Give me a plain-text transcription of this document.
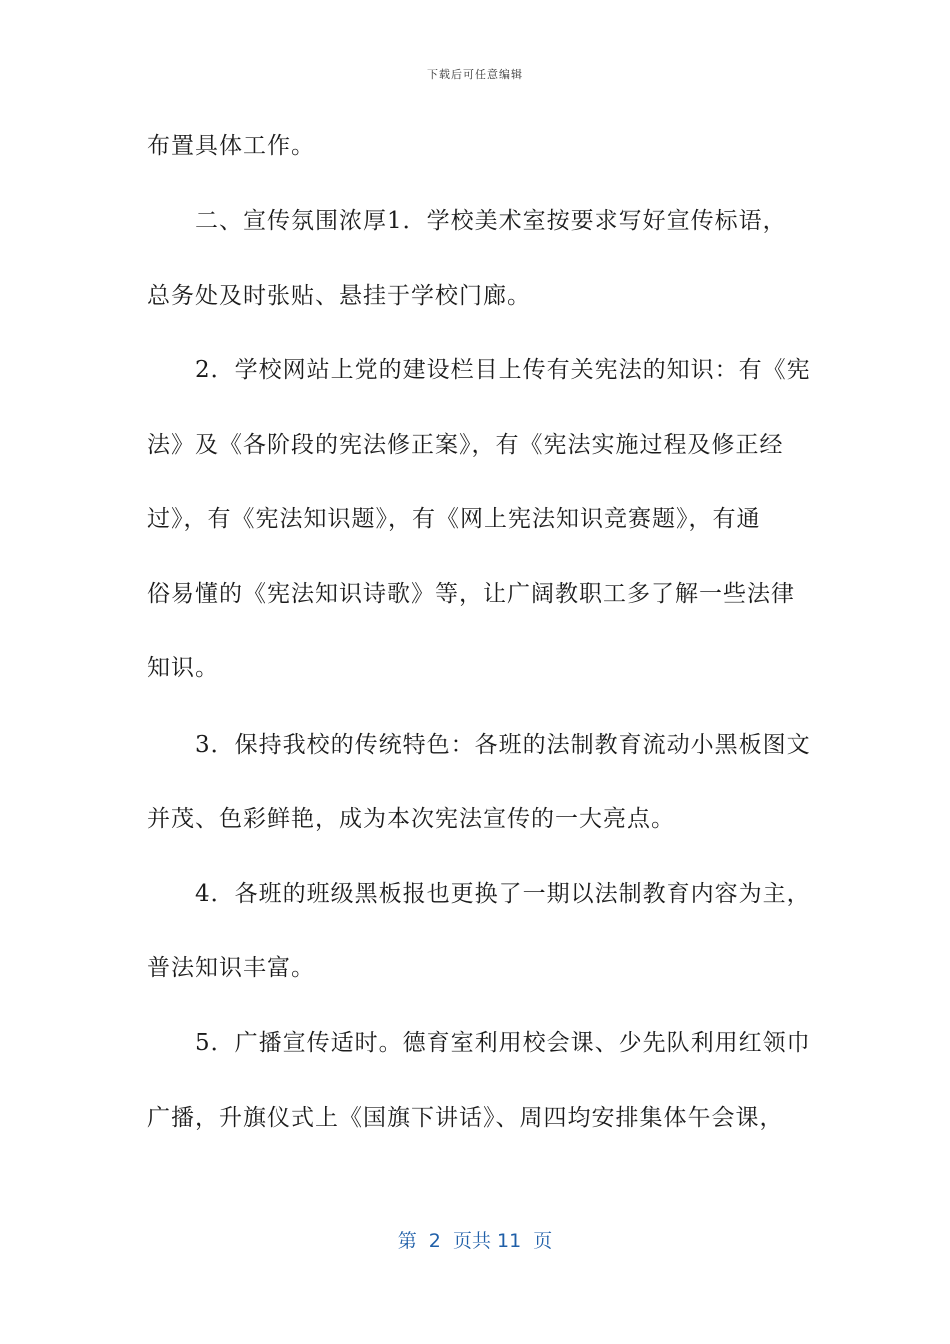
下载后可任意编辑
布置具体工作。
二、宣传氛围浓厚1．学校美术室按要求写好宣传标语，
总务处及时张贴、悬挂于学校门廊。
2．学校网站上党的建设栏目上传有关宪法的知识：有《宪
法》及《各阶段的宪法修正案》，有《宪法实施过程及修正经
过》，有《宪法知识题》，有《网上宪法知识竞赛题》，有通
俗易懂的《宪法知识诗歌》等，让广阔教职工多了解一些法律
知识。
3．保持我校的传统特色：各班的法制教育流动小黑板图文
并茂、色彩鲜艳，成为本次宪法宣传的一大亮点。
4．各班的班级黑板报也更换了一期以法制教育内容为主，
普法知识丰富。
5．广播宣传适时。德育室利用校会课、少先队利用红领巾
广播，升旗仪式上《国旗下讲话》、周四均安排集体午会课，
第  2  页共 11  页
